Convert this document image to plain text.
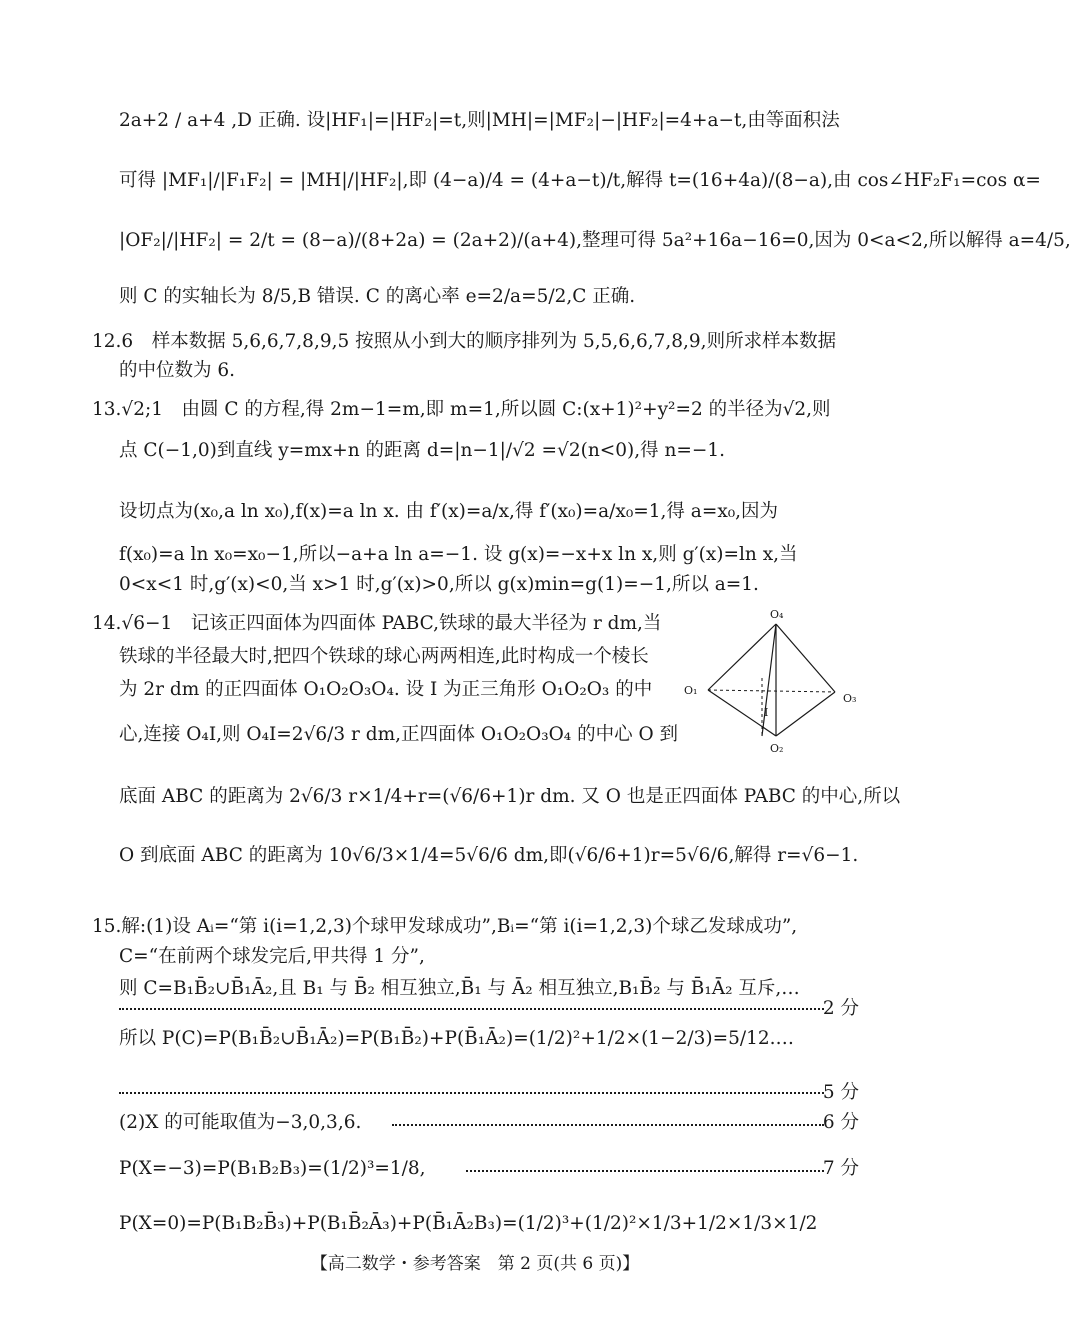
2a+2 / a+4 ,D 正确. 设|HF₁|=|HF₂|=t,则|MH|=|MF₂|−|HF₂|=4+a−t,由等面积法
可得 |MF₁|/|F₁F₂| = |MH|/|HF₂|,即 (4−a)/4 = (4+a−t)/t,解得 t=(16+4a)/(8−a),由 cos∠HF₂F₁=cos α=
|OF₂|/|HF₂| = 2/t = (8−a)/(8+2a) = (2a+2)/(a+4),整理可得 5a²+16a−16=0,因为 0<a<2,所以解得 a=4/5,
则 C 的实轴长为 8/5,B 错误. C 的离心率 e=2/a=5/2,C 正确.
12.6　样本数据 5,6,6,7,8,9,5 按照从小到大的顺序排列为 5,5,6,6,7,8,9,则所求样本数据
的中位数为 6.
13.√2;1　由圆 C 的方程,得 2m−1=m,即 m=1,所以圆 C:(x+1)²+y²=2 的半径为√2,则
点 C(−1,0)到直线 y=mx+n 的距离 d=|n−1|/√2 =√2(n<0),得 n=−1.
设切点为(x₀,a ln x₀),f(x)=a ln x. 由 f′(x)=a/x,得 f′(x₀)=a/x₀=1,得 a=x₀,因为
f(x₀)=a ln x₀=x₀−1,所以−a+a ln a=−1. 设 g(x)=−x+x ln x,则 g′(x)=ln x,当
0<x<1 时,g′(x)<0,当 x>1 时,g′(x)>0,所以 g(x)min=g(1)=−1,所以 a=1.
14.√6−1　记该正四面体为四面体 PABC,铁球的最大半径为 r dm,当
铁球的半径最大时,把四个铁球的球心两两相连,此时构成一个棱长
为 2r dm 的正四面体 O₁O₂O₃O₄. 设 I 为正三角形 O₁O₂O₃ 的中
心,连接 O₄I,则 O₄I=2√6/3 r dm,正四面体 O₁O₂O₃O₄ 的中心 O 到
底面 ABC 的距离为 2√6/3 r×1/4+r=(√6/6+1)r dm. 又 O 也是正四面体 PABC 的中心,所以
O 到底面 ABC 的距离为 10√6/3×1/4=5√6/6 dm,即(√6/6+1)r=5√6/6,解得 r=√6−1.
O₄
O₁
O₃
O₂
I
15.解:(1)设 Aᵢ=“第 i(i=1,2,3)个球甲发球成功”,Bᵢ=“第 i(i=1,2,3)个球乙发球成功”,
C=“在前两个球发完后,甲共得 1 分”,
则 C=B₁B̄₂∪B̄₁Ā₂,且 B₁ 与 B̄₂ 相互独立,B̄₁ 与 Ā₂ 相互独立,B₁B̄₂ 与 B̄₁Ā₂ 互斥,…
2 分
所以 P(C)=P(B₁B̄₂∪B̄₁Ā₂)=P(B₁B̄₂)+P(B̄₁Ā₂)=(1/2)²+1/2×(1−2/3)=5/12.…
5 分
(2)X 的可能取值为−3,0,3,6.	6 分
P(X=−3)=P(B₁B₂B₃)=(1/2)³=1/8,	7 分
P(X=0)=P(B₁B₂B̄₃)+P(B₁B̄₂Ā₃)+P(B̄₁Ā₂B₃)=(1/2)³+(1/2)²×1/3+1/2×1/3×1/2
【高二数学・参考答案　第 2 页(共 6 页)】
